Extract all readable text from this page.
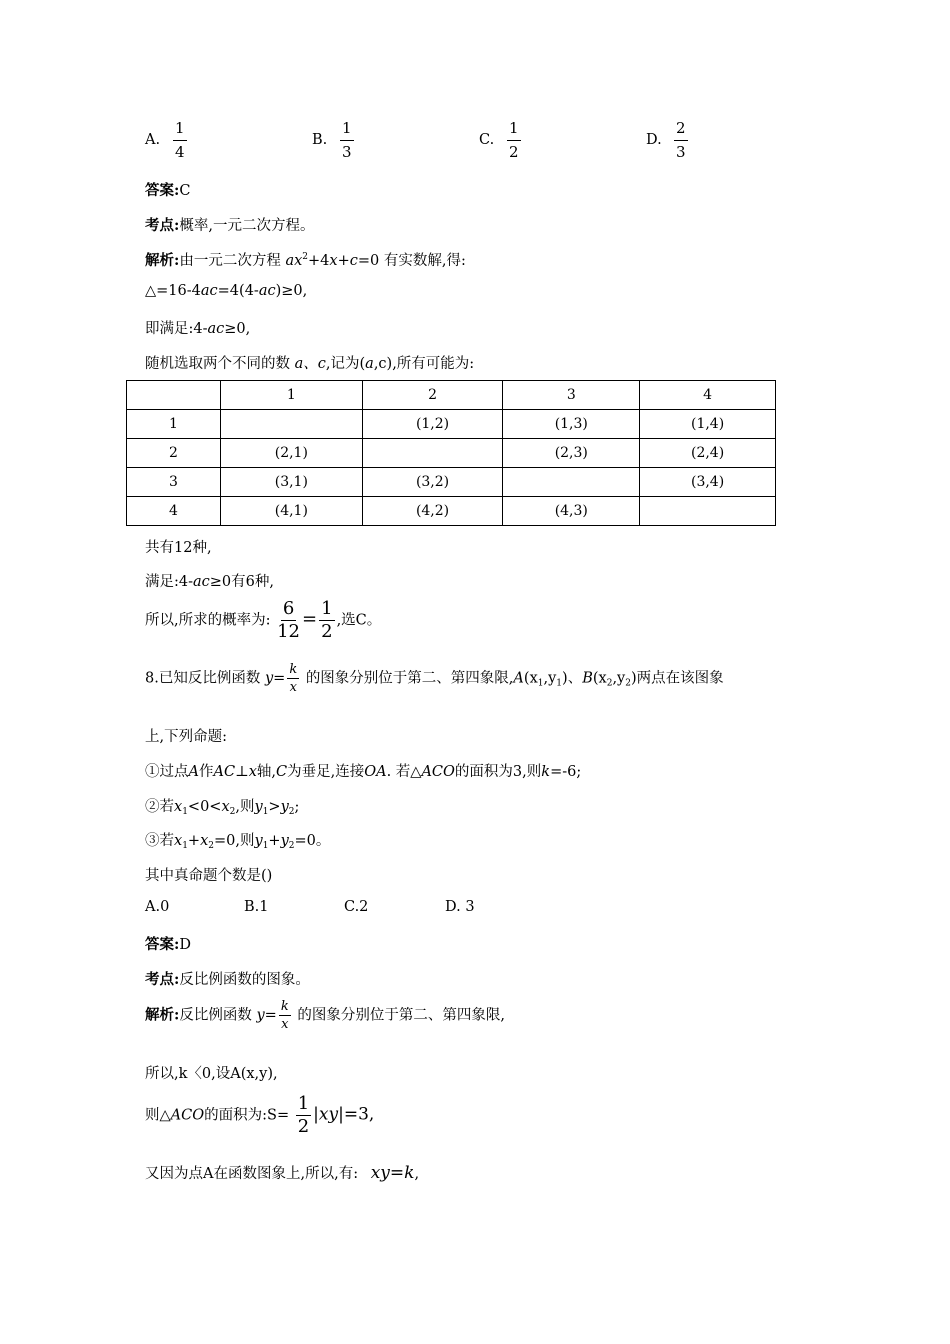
A. $\frac{1}{4}$	B. $\frac{1}{3}$	C. $\frac{1}{2}$	D. $\frac{2}{3}$
答案:C
考点:概率,一元二次方程。
解析:由一元二次方程 $ax^2+4x+c=0$ 有实数解,得:
△=16-4ac=4(4-ac)≥0,
即满足:4-ac≥0,
随机选取两个不同的数 a、c,记为(a,c),所有可能为:
	1	2	3	4
1		(1,2)	(1,3)	(1,4)
2	(2,1)		(2,3)	(2,4)
3	(3,1)	(3,2)		(3,4)
4	(4,1)	(4,2)	(4,3)	
共有12种,
满足:4-ac≥0有6种,
所以,所求的概率为: $\frac{6}{12} = \frac{1}{2}$ ,选C。
8.已知反比例函数 $y= \frac{k}{x}$ 的图象分别位于第二、第四象限$,A(x_1,y_1)$、$B(x_2,y_2)$两点在该图象
上,下列命题:
①过点A作AC⊥x轴,C为垂足,连接OA. 若△ACO的面积为3,则k=-6;
②若$x_1<0<x_2$,则$y_1>y_2$;
③若$x_1+x_2=0$,则$y_1+y_2=0$。
其中真命题个数是()
A.0	B.1	C.2	D. 3
答案:D
考点:反比例函数的图象。
解析:反比例函数 $y= \frac{k}{x}$ 的图象分别位于第二、第四象限,
所以,k〈0,设A(x,y),
则△ACO的面积为:S= $\frac{1}{2} |xy|=3$,
又因为点A在函数图象上,所以,有: xy=k,
